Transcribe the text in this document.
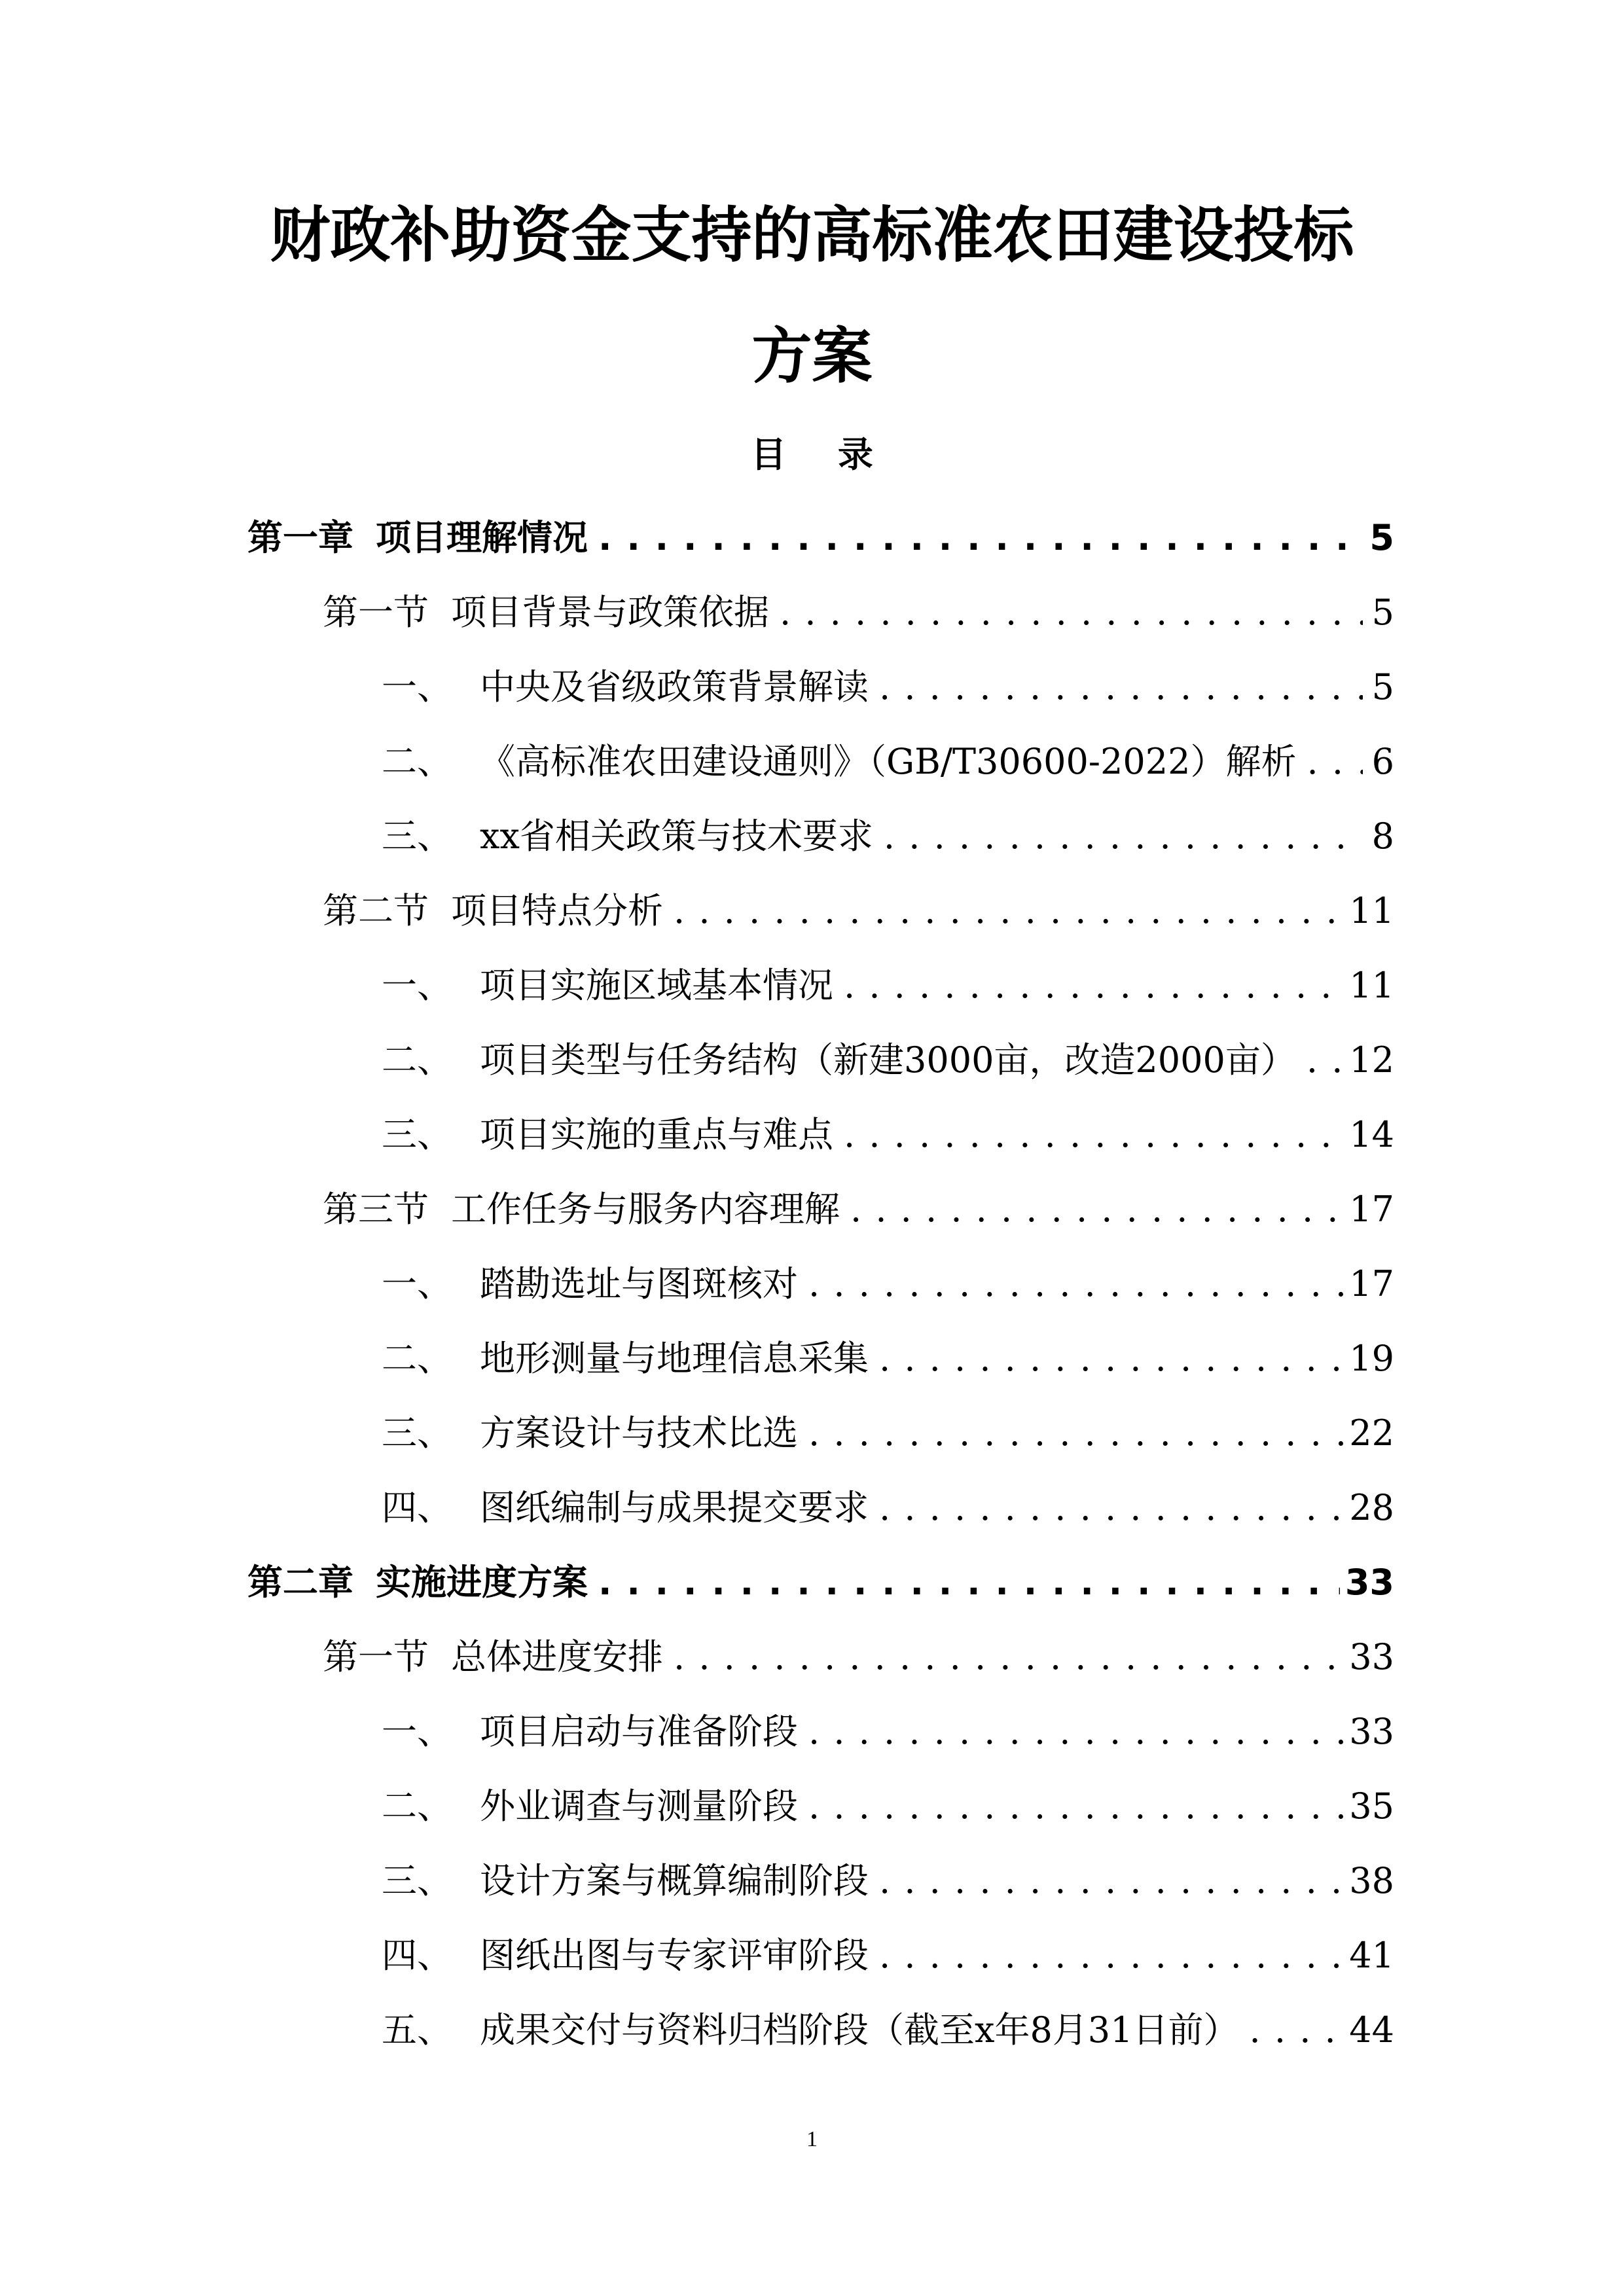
财政补助资金支持的高标准农田建设投标
方案
目 录
第一章 项目理解情况 . . .	5
第一节 项目背景与政策依据 . . .	5
一、 中央及省级政策背景解读 . . .	5
二、 《高标准农田建设通则》（GB/T30600-2022）解析 . . . 6
三、 xx省相关政策与技术要求 . . .	8
第二节 项目特点分析 . . .	11
一、 项目实施区域基本情况 . . .	11
二、 项目类型与任务结构（新建3000亩，改造2000亩） . . . 12
三、 项目实施的重点与难点 . . .	14
第三节 工作任务与服务内容理解 . . .	17
一、 踏勘选址与图斑核对 . . .	17
二、 地形测量与地理信息采集 . . .	19
三、 方案设计与技术比选 . . .	22
四、 图纸编制与成果提交要求 . . .	28
第二章 实施进度方案 . . .	33
第一节 总体进度安排 . . .	33
一、 项目启动与准备阶段 . . .	33
二、 外业调查与测量阶段 . . .	35
三、 设计方案与概算编制阶段 . . .	38
四、 图纸出图与专家评审阶段 . . .	41
五、 成果交付与资料归档阶段（截至x年8月31日前） . . .	44
1
